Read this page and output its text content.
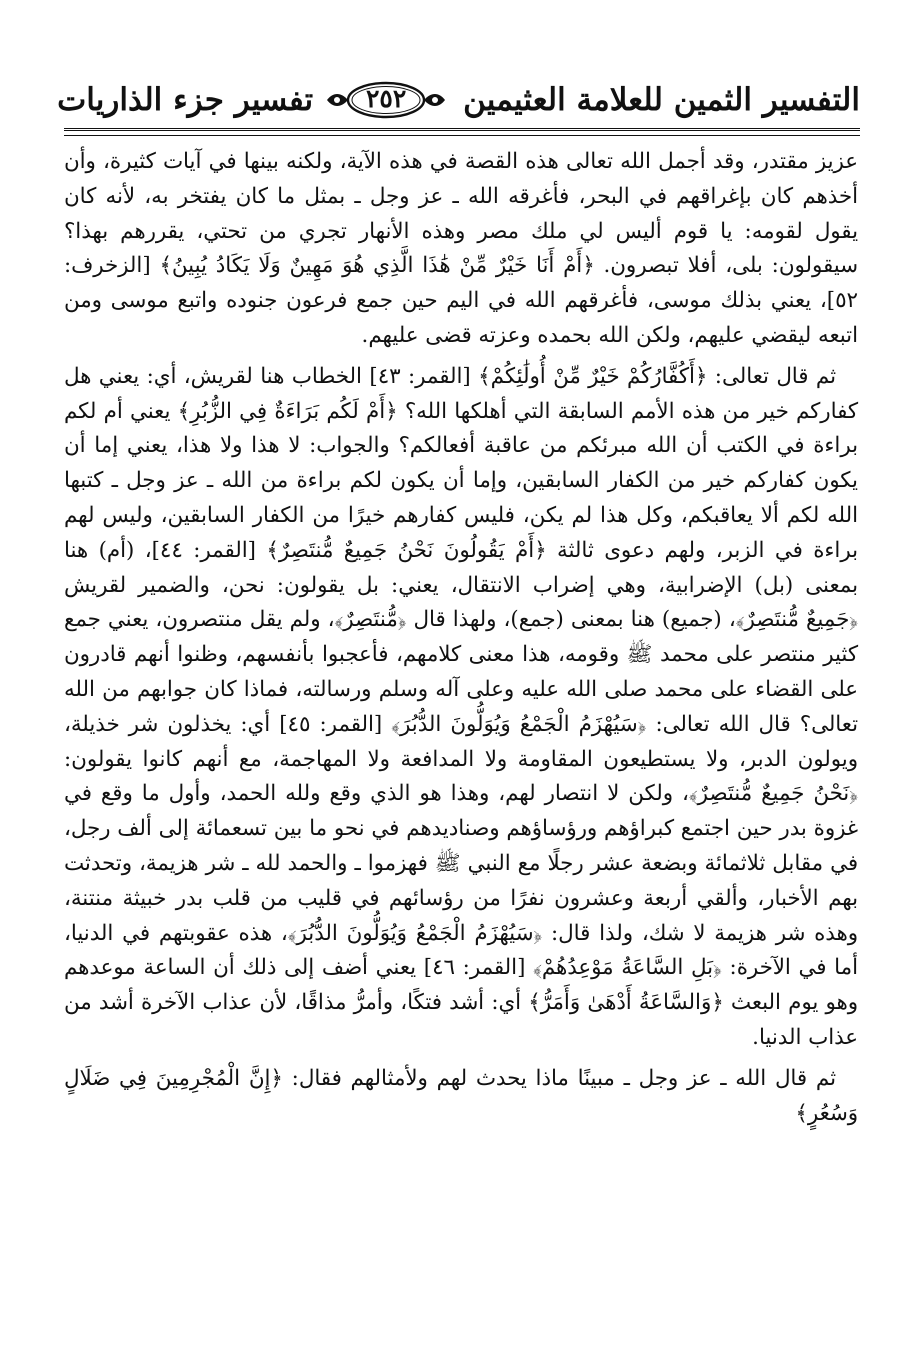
التفسير الثمين للعلامة العثيمين
٢٥٢
تفسير جزء الذاريات

عزيز مقتدر، وقد أجمل الله تعالى هذه القصة في هذه الآية، ولكنه بينها في آيات كثيرة، وأن أخذهم كان بإغراقهم في البحر، فأغرقه الله ـ عز وجل ـ بمثل ما كان يفتخر به، لأنه كان يقول لقومه: يا قوم أليس لي ملك مصر وهذه الأنهار تجري من تحتي، يقررهم بهذا؟ سيقولون: بلى، أفلا تبصرون. ﴿أَمْ أَنَا خَيْرٌ مِّنْ هَٰذَا الَّذِي هُوَ مَهِينٌ وَلَا يَكَادُ يُبِينُ﴾ [الزخرف: ٥٢]، يعني بذلك موسى، فأغرقهم الله في اليم حين جمع فرعون جنوده واتبع موسى ومن اتبعه ليقضي عليهم، ولكن الله بحمده وعزته قضى عليهم.

ثم قال تعالى: ﴿أَكُفَّارُكُمْ خَيْرٌ مِّنْ أُولَٰئِكُمْ﴾ [القمر: ٤٣] الخطاب هنا لقريش، أي: يعني هل كفاركم خير من هذه الأمم السابقة التي أهلكها الله؟ ﴿أَمْ لَكُم بَرَاءَةٌ فِي الزُّبُرِ﴾ يعني أم لكم براءة في الكتب أن الله مبرئكم من عاقبة أفعالكم؟ والجواب: لا هذا ولا هذا، يعني إما أن يكون كفاركم خير من الكفار السابقين، وإما أن يكون لكم براءة من الله ـ عز وجل ـ كتبها الله لكم ألا يعاقبكم، وكل هذا لم يكن، فليس كفارهم خيرًا من الكفار السابقين، وليس لهم براءة في الزبر، ولهم دعوى ثالثة ﴿أَمْ يَقُولُونَ نَحْنُ جَمِيعٌ مُّنتَصِرٌ﴾ [القمر: ٤٤]، (أم) هنا بمعنى (بل) الإضرابية، وهي إضراب الانتقال، يعني: بل يقولون: نحن، والضمير لقريش ﴿جَمِيعٌ مُّنتَصِرٌ﴾، (جميع) هنا بمعنى (جمع)، ولهذا قال ﴿مُّنتَصِرٌ﴾، ولم يقل منتصرون، يعني جمع كثير منتصر على محمد ﷺ وقومه، هذا معنى كلامهم، فأعجبوا بأنفسهم، وظنوا أنهم قادرون على القضاء على محمد صلى الله عليه وعلى آله وسلم ورسالته، فماذا كان جوابهم من الله تعالى؟ قال الله تعالى: ﴿سَيُهْزَمُ الْجَمْعُ وَيُوَلُّونَ الدُّبُرَ﴾ [القمر: ٤٥] أي: يخذلون شر خذيلة، ويولون الدبر، ولا يستطيعون المقاومة ولا المدافعة ولا المهاجمة، مع أنهم كانوا يقولون: ﴿نَحْنُ جَمِيعٌ مُّنتَصِرٌ﴾، ولكن لا انتصار لهم، وهذا هو الذي وقع ولله الحمد، وأول ما وقع في غزوة بدر حين اجتمع كبراؤهم ورؤساؤهم وصناديدهم في نحو ما بين تسعمائة إلى ألف رجل، في مقابل ثلاثمائة وبضعة عشر رجلًا مع النبي ﷺ فهزموا ـ والحمد لله ـ شر هزيمة، وتحدثت بهم الأخبار، وألقي أربعة وعشرون نفرًا من رؤسائهم في قليب من قلب بدر خبيثة منتنة، وهذه شر هزيمة لا شك، ولذا قال: ﴿سَيُهْزَمُ الْجَمْعُ وَيُوَلُّونَ الدُّبُرَ﴾، هذه عقوبتهم في الدنيا، أما في الآخرة: ﴿بَلِ السَّاعَةُ مَوْعِدُهُمْ﴾ [القمر: ٤٦] يعني أضف إلى ذلك أن الساعة موعدهم وهو يوم البعث ﴿وَالسَّاعَةُ أَدْهَىٰ وَأَمَرُّ﴾ أي: أشد فتكًا، وأمرُّ مذاقًا، لأن عذاب الآخرة أشد من عذاب الدنيا.

ثم قال الله ـ عز وجل ـ مبينًا ماذا يحدث لهم ولأمثالهم فقال: ﴿إِنَّ الْمُجْرِمِينَ فِي ضَلَالٍ وَسُعُرٍ﴾
